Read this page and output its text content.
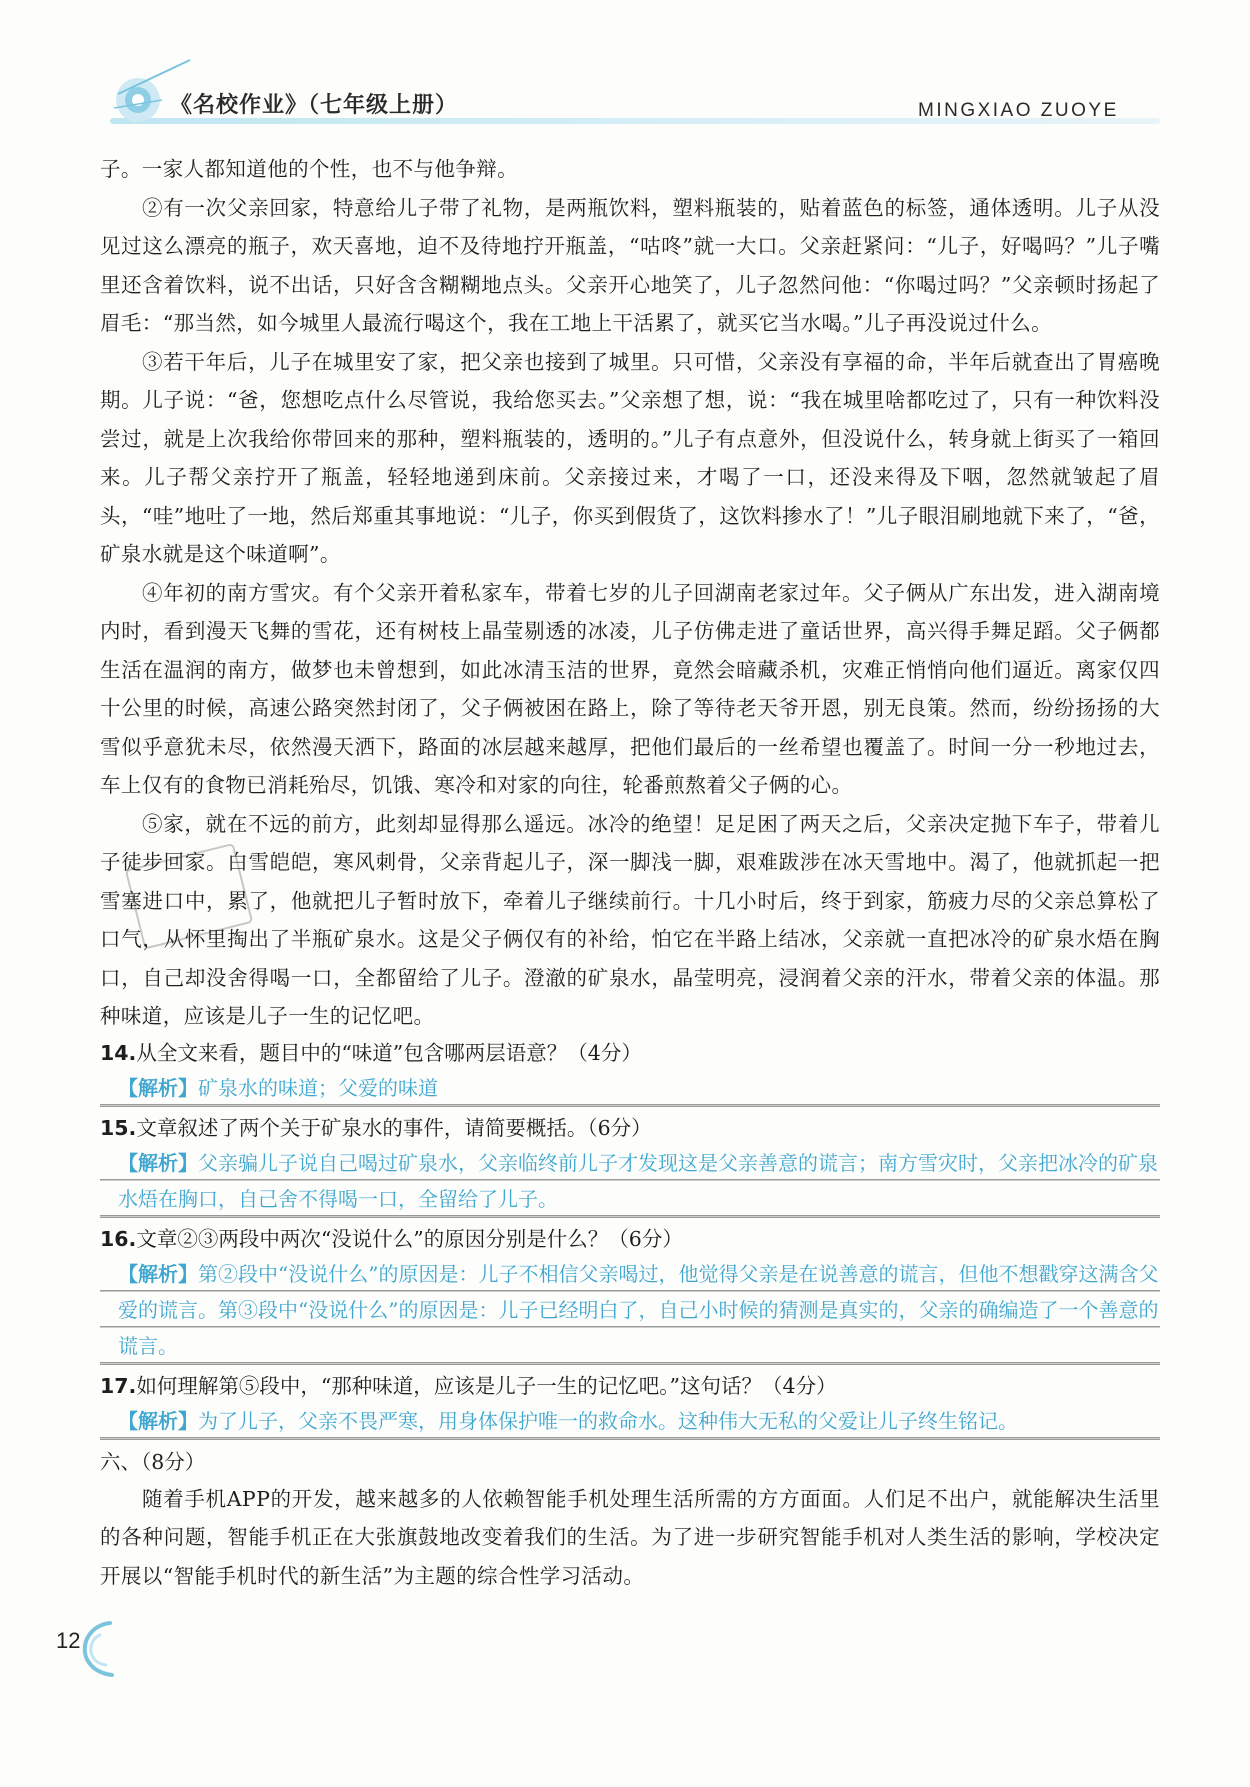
《名校作业》（七年级上册）	MINGXIAO ZUOYE

子。一家人都知道他的个性，也不与他争辩。

②有一次父亲回家，特意给儿子带了礼物，是两瓶饮料，塑料瓶装的，贴着蓝色的标签，通体透明。儿子从没见过这么漂亮的瓶子，欢天喜地，迫不及待地拧开瓶盖，“咕咚”就一大口。父亲赶紧问：“儿子，好喝吗？”儿子嘴里还含着饮料，说不出话，只好含含糊糊地点头。父亲开心地笑了，儿子忽然问他：“你喝过吗？”父亲顿时扬起了眉毛：“那当然，如今城里人最流行喝这个，我在工地上干活累了，就买它当水喝。”儿子再没说过什么。

③若干年后，儿子在城里安了家，把父亲也接到了城里。只可惜，父亲没有享福的命，半年后就查出了胃癌晚期。儿子说：“爸，您想吃点什么尽管说，我给您买去。”父亲想了想，说：“我在城里啥都吃过了，只有一种饮料没尝过，就是上次我给你带回来的那种，塑料瓶装的，透明的。”儿子有点意外，但没说什么，转身就上街买了一箱回来。儿子帮父亲拧开了瓶盖，轻轻地递到床前。父亲接过来，才喝了一口，还没来得及下咽，忽然就皱起了眉头，“哇”地吐了一地，然后郑重其事地说：“儿子，你买到假货了，这饮料掺水了！”儿子眼泪刷地就下来了，“爸，矿泉水就是这个味道啊”。

④年初的南方雪灾。有个父亲开着私家车，带着七岁的儿子回湖南老家过年。父子俩从广东出发，进入湖南境内时，看到漫天飞舞的雪花，还有树枝上晶莹剔透的冰凌，儿子仿佛走进了童话世界，高兴得手舞足蹈。父子俩都生活在温润的南方，做梦也未曾想到，如此冰清玉洁的世界，竟然会暗藏杀机，灾难正悄悄向他们逼近。离家仅四十公里的时候，高速公路突然封闭了，父子俩被困在路上，除了等待老天爷开恩，别无良策。然而，纷纷扬扬的大雪似乎意犹未尽，依然漫天洒下，路面的冰层越来越厚，把他们最后的一丝希望也覆盖了。时间一分一秒地过去，车上仅有的食物已消耗殆尽，饥饿、寒冷和对家的向往，轮番煎熬着父子俩的心。

⑤家，就在不远的前方，此刻却显得那么遥远。冰冷的绝望！足足困了两天之后，父亲决定抛下车子，带着儿子徒步回家。白雪皑皑，寒风刺骨，父亲背起儿子，深一脚浅一脚，艰难跋涉在冰天雪地中。渴了，他就抓起一把雪塞进口中，累了，他就把儿子暂时放下，牵着儿子继续前行。十几小时后，终于到家，筋疲力尽的父亲总算松了口气，从怀里掏出了半瓶矿泉水。这是父子俩仅有的补给，怕它在半路上结冰，父亲就一直把冰冷的矿泉水焐在胸口，自己却没舍得喝一口，全都留给了儿子。澄澈的矿泉水，晶莹明亮，浸润着父亲的汗水，带着父亲的体温。那种味道，应该是儿子一生的记忆吧。

14.从全文来看，题目中的“味道”包含哪两层语意？（4分）
【解析】矿泉水的味道；父爱的味道
15.文章叙述了两个关于矿泉水的事件，请简要概括。（6分）
【解析】父亲骗儿子说自己喝过矿泉水，父亲临终前儿子才发现这是父亲善意的谎言；南方雪灾时，父亲把冰冷的矿泉水焐在胸口，自己舍不得喝一口，全留给了儿子。
16.文章②③两段中两次“没说什么”的原因分别是什么？（6分）
【解析】第②段中“没说什么”的原因是：儿子不相信父亲喝过，他觉得父亲是在说善意的谎言，但他不想戳穿这满含父爱的谎言。第③段中“没说什么”的原因是：儿子已经明白了，自己小时候的猜测是真实的，父亲的确编造了一个善意的谎言。
17.如何理解第⑤段中，“那种味道，应该是儿子一生的记忆吧。”这句话？（4分）
【解析】为了儿子，父亲不畏严寒，用身体保护唯一的救命水。这种伟大无私的父爱让儿子终生铭记。
六、（8分）

随着手机APP的开发，越来越多的人依赖智能手机处理生活所需的方方面面。人们足不出户，就能解决生活里的各种问题，智能手机正在大张旗鼓地改变着我们的生活。为了进一步研究智能手机对人类生活的影响，学校决定开展以“智能手机时代的新生活”为主题的综合性学习活动。

12
